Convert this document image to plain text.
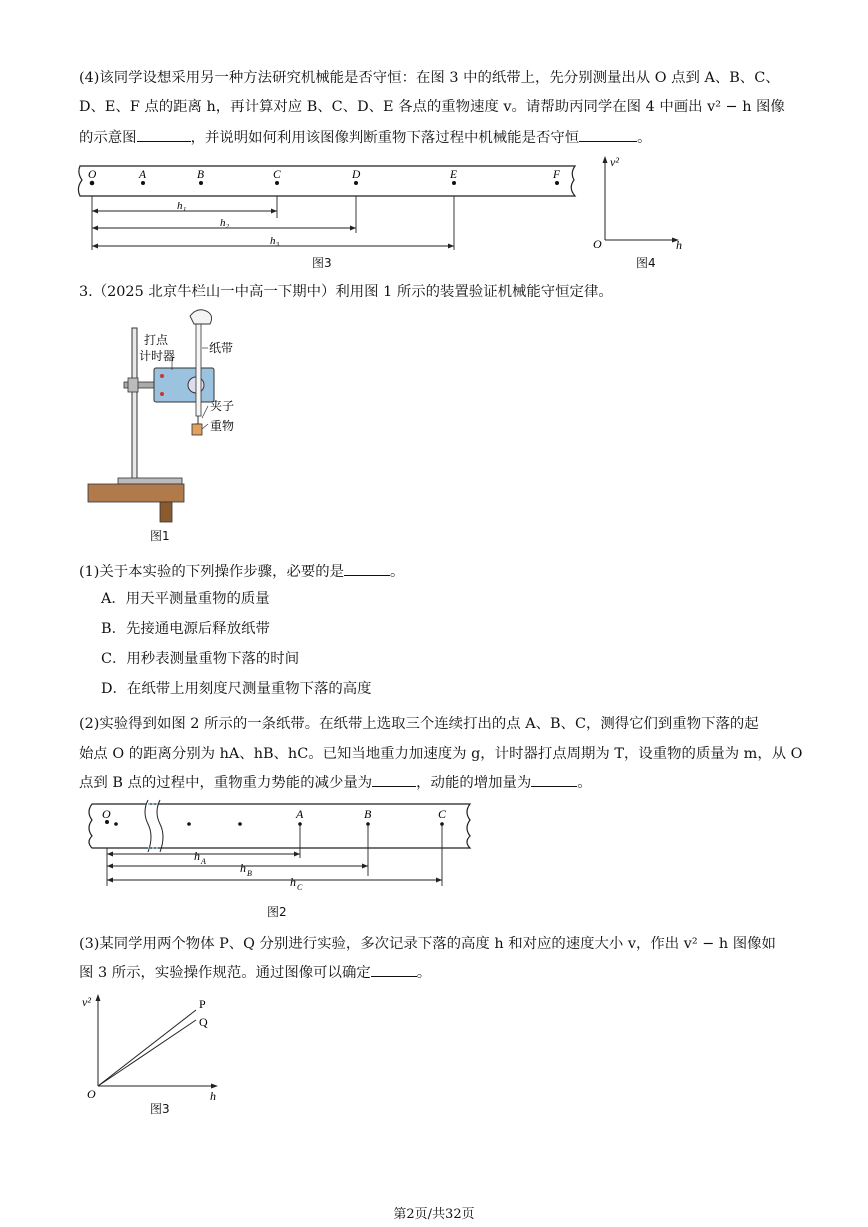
(4)该同学设想采用另一种方法研究机械能是否守恒：在图 3 中的纸带上，先分别测量出从 O 点到 A、B、C、
D、E、F 点的距离 h，再计算对应 B、C、D、E 各点的重物速度 v。请帮助丙同学在图 4 中画出 v² − h 图像
的示意图	，并说明如何利用该图像判断重物下落过程中机械能是否守恒	。
O	A	B	C	D	E	F
h₁
h₂
h₃
图3
v²
h
O
图4
3.（2025 北京牛栏山一中高一下期中）利用图 1 所示的装置验证机械能守恒定律。
打点
计时器
纸带
夹子
重物
图1
(1)关于本实验的下列操作步骤，必要的是	。
A．用天平测量重物的质量
B．先接通电源后释放纸带
C．用秒表测量重物下落的时间
D．在纸带上用刻度尺测量重物下落的高度
(2)实验得到如图 2 所示的一条纸带。在纸带上选取三个连续打出的点 A、B、C，测得它们到重物下落的起
始点 O 的距离分别为 hA、hB、hC。已知当地重力加速度为 g，计时器打点周期为 T，设重物的质量为 m，从 O
点到 B 点的过程中，重物重力势能的减少量为	，动能的增加量为	。
O	A	B	C
h A	h B
h C
图2
(3)某同学用两个物体 P、Q 分别进行实验，多次记录下落的高度 h 和对应的速度大小 v，作出 v² − h 图像如
图 3 所示，实验操作规范。通过图像可以确定	。
v²
h
O
P
Q
图3
第2页/共32页
